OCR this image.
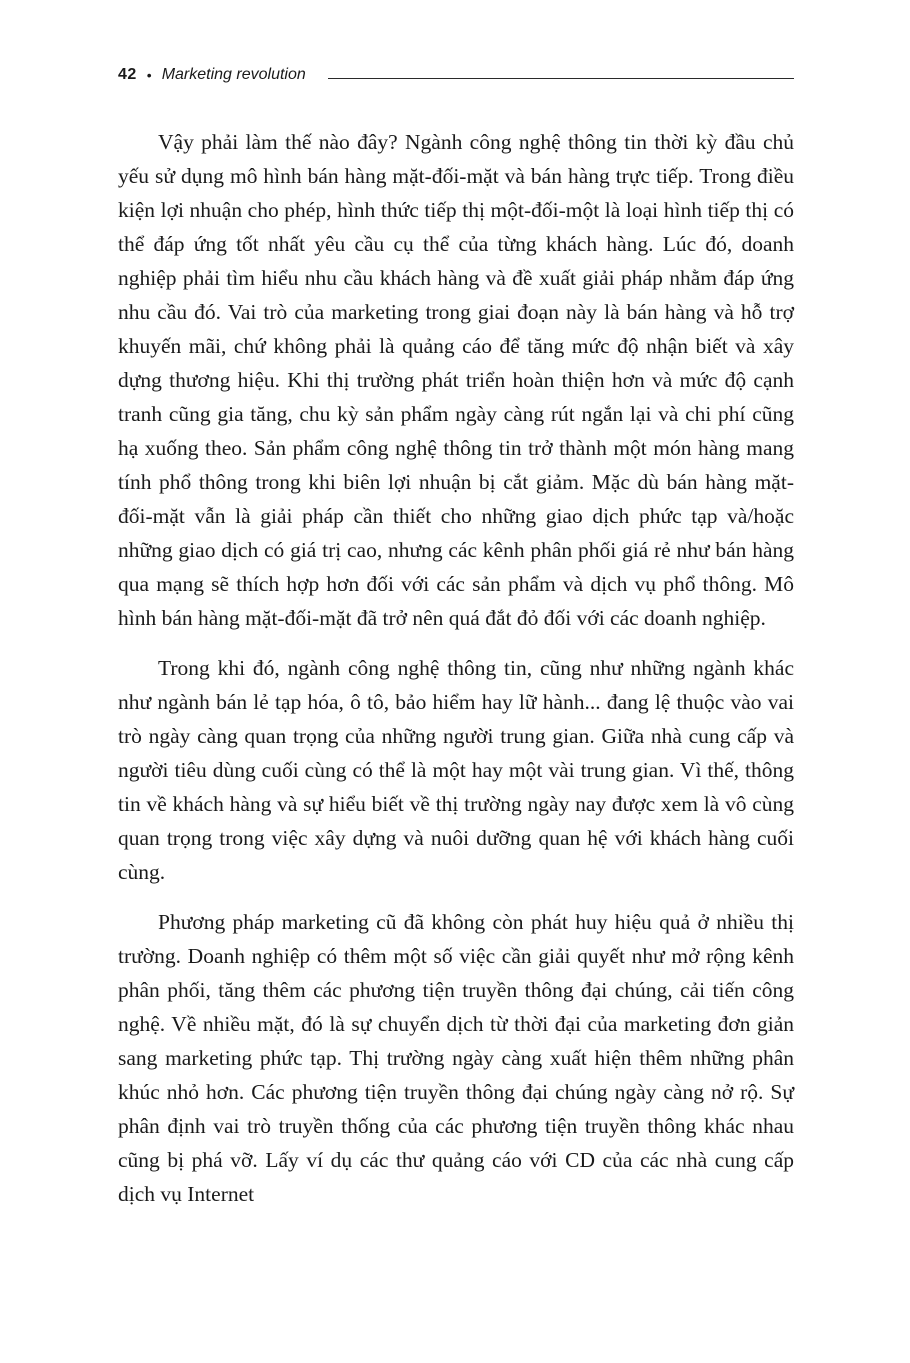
42 • Marketing revolution

Vậy phải làm thế nào đây? Ngành công nghệ thông tin thời kỳ đầu chủ yếu sử dụng mô hình bán hàng mặt-đối-mặt và bán hàng trực tiếp. Trong điều kiện lợi nhuận cho phép, hình thức tiếp thị một-đối-một là loại hình tiếp thị có thể đáp ứng tốt nhất yêu cầu cụ thể của từng khách hàng. Lúc đó, doanh nghiệp phải tìm hiểu nhu cầu khách hàng và đề xuất giải pháp nhằm đáp ứng nhu cầu đó. Vai trò của marketing trong giai đoạn này là bán hàng và hỗ trợ khuyến mãi, chứ không phải là quảng cáo để tăng mức độ nhận biết và xây dựng thương hiệu. Khi thị trường phát triển hoàn thiện hơn và mức độ cạnh tranh cũng gia tăng, chu kỳ sản phẩm ngày càng rút ngắn lại và chi phí cũng hạ xuống theo. Sản phẩm công nghệ thông tin trở thành một món hàng mang tính phổ thông trong khi biên lợi nhuận bị cắt giảm. Mặc dù bán hàng mặt-đối-mặt vẫn là giải pháp cần thiết cho những giao dịch phức tạp và/hoặc những giao dịch có giá trị cao, nhưng các kênh phân phối giá rẻ như bán hàng qua mạng sẽ thích hợp hơn đối với các sản phẩm và dịch vụ phổ thông. Mô hình bán hàng mặt-đối-mặt đã trở nên quá đắt đỏ đối với các doanh nghiệp.

Trong khi đó, ngành công nghệ thông tin, cũng như những ngành khác như ngành bán lẻ tạp hóa, ô tô, bảo hiểm hay lữ hành... đang lệ thuộc vào vai trò ngày càng quan trọng của những người trung gian. Giữa nhà cung cấp và người tiêu dùng cuối cùng có thể là một hay một vài trung gian. Vì thế, thông tin về khách hàng và sự hiểu biết về thị trường ngày nay được xem là vô cùng quan trọng trong việc xây dựng và nuôi dưỡng quan hệ với khách hàng cuối cùng.

Phương pháp marketing cũ đã không còn phát huy hiệu quả ở nhiều thị trường. Doanh nghiệp có thêm một số việc cần giải quyết như mở rộng kênh phân phối, tăng thêm các phương tiện truyền thông đại chúng, cải tiến công nghệ. Về nhiều mặt, đó là sự chuyển dịch từ thời đại của marketing đơn giản sang marketing phức tạp. Thị trường ngày càng xuất hiện thêm những phân khúc nhỏ hơn. Các phương tiện truyền thông đại chúng ngày càng nở rộ. Sự phân định vai trò truyền thống của các phương tiện truyền thông khác nhau cũng bị phá vỡ. Lấy ví dụ các thư quảng cáo với CD của các nhà cung cấp dịch vụ Internet
